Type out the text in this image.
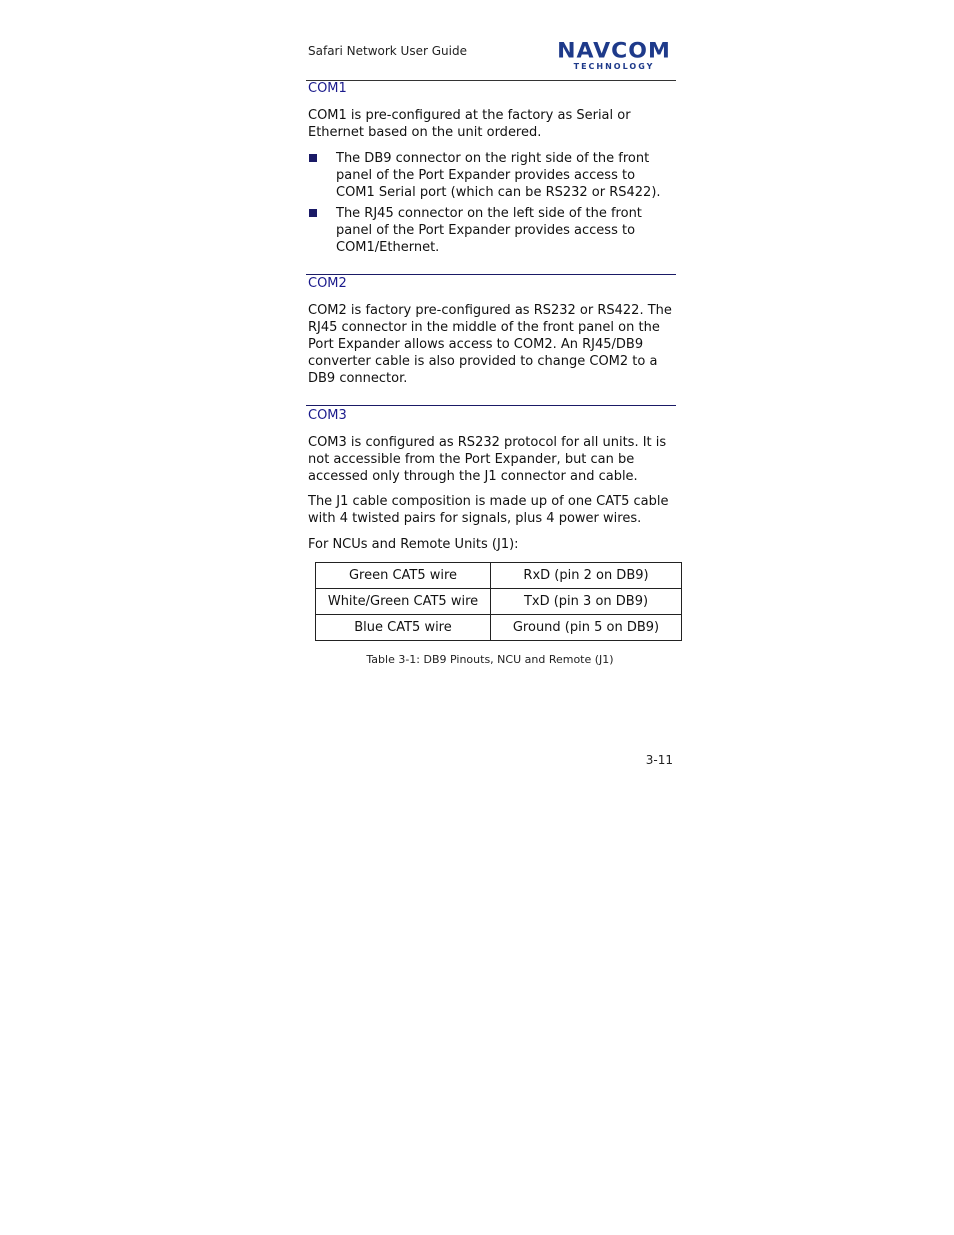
Safari Network User Guide	NAVCOM
TECHNOLOGY
COM1
COM1 is pre-configured at the factory as Serial or Ethernet based on the unit ordered.
The DB9 connector on the right side of the front panel of the Port Expander provides access to COM1 Serial port (which can be RS232 or RS422).
The RJ45 connector on the left side of the front panel of the Port Expander provides access to COM1/Ethernet.
COM2
COM2 is factory pre-configured as RS232 or RS422. The RJ45 connector in the middle of the front panel on the Port Expander allows access to COM2. An RJ45/DB9 converter cable is also provided to change COM2 to a DB9 connector.
COM3
COM3 is configured as RS232 protocol for all units. It is not accessible from the Port Expander, but can be accessed only through the J1 connector and cable.
The J1 cable composition is made up of one CAT5 cable with 4 twisted pairs for signals, plus 4 power wires.
For NCUs and Remote Units (J1):
Green CAT5 wire	RxD (pin 2 on DB9)
White/Green CAT5 wire	TxD (pin 3 on DB9)
Blue CAT5 wire	Ground (pin 5 on DB9)
Table 3-1: DB9 Pinouts, NCU and Remote (J1)
3-11
